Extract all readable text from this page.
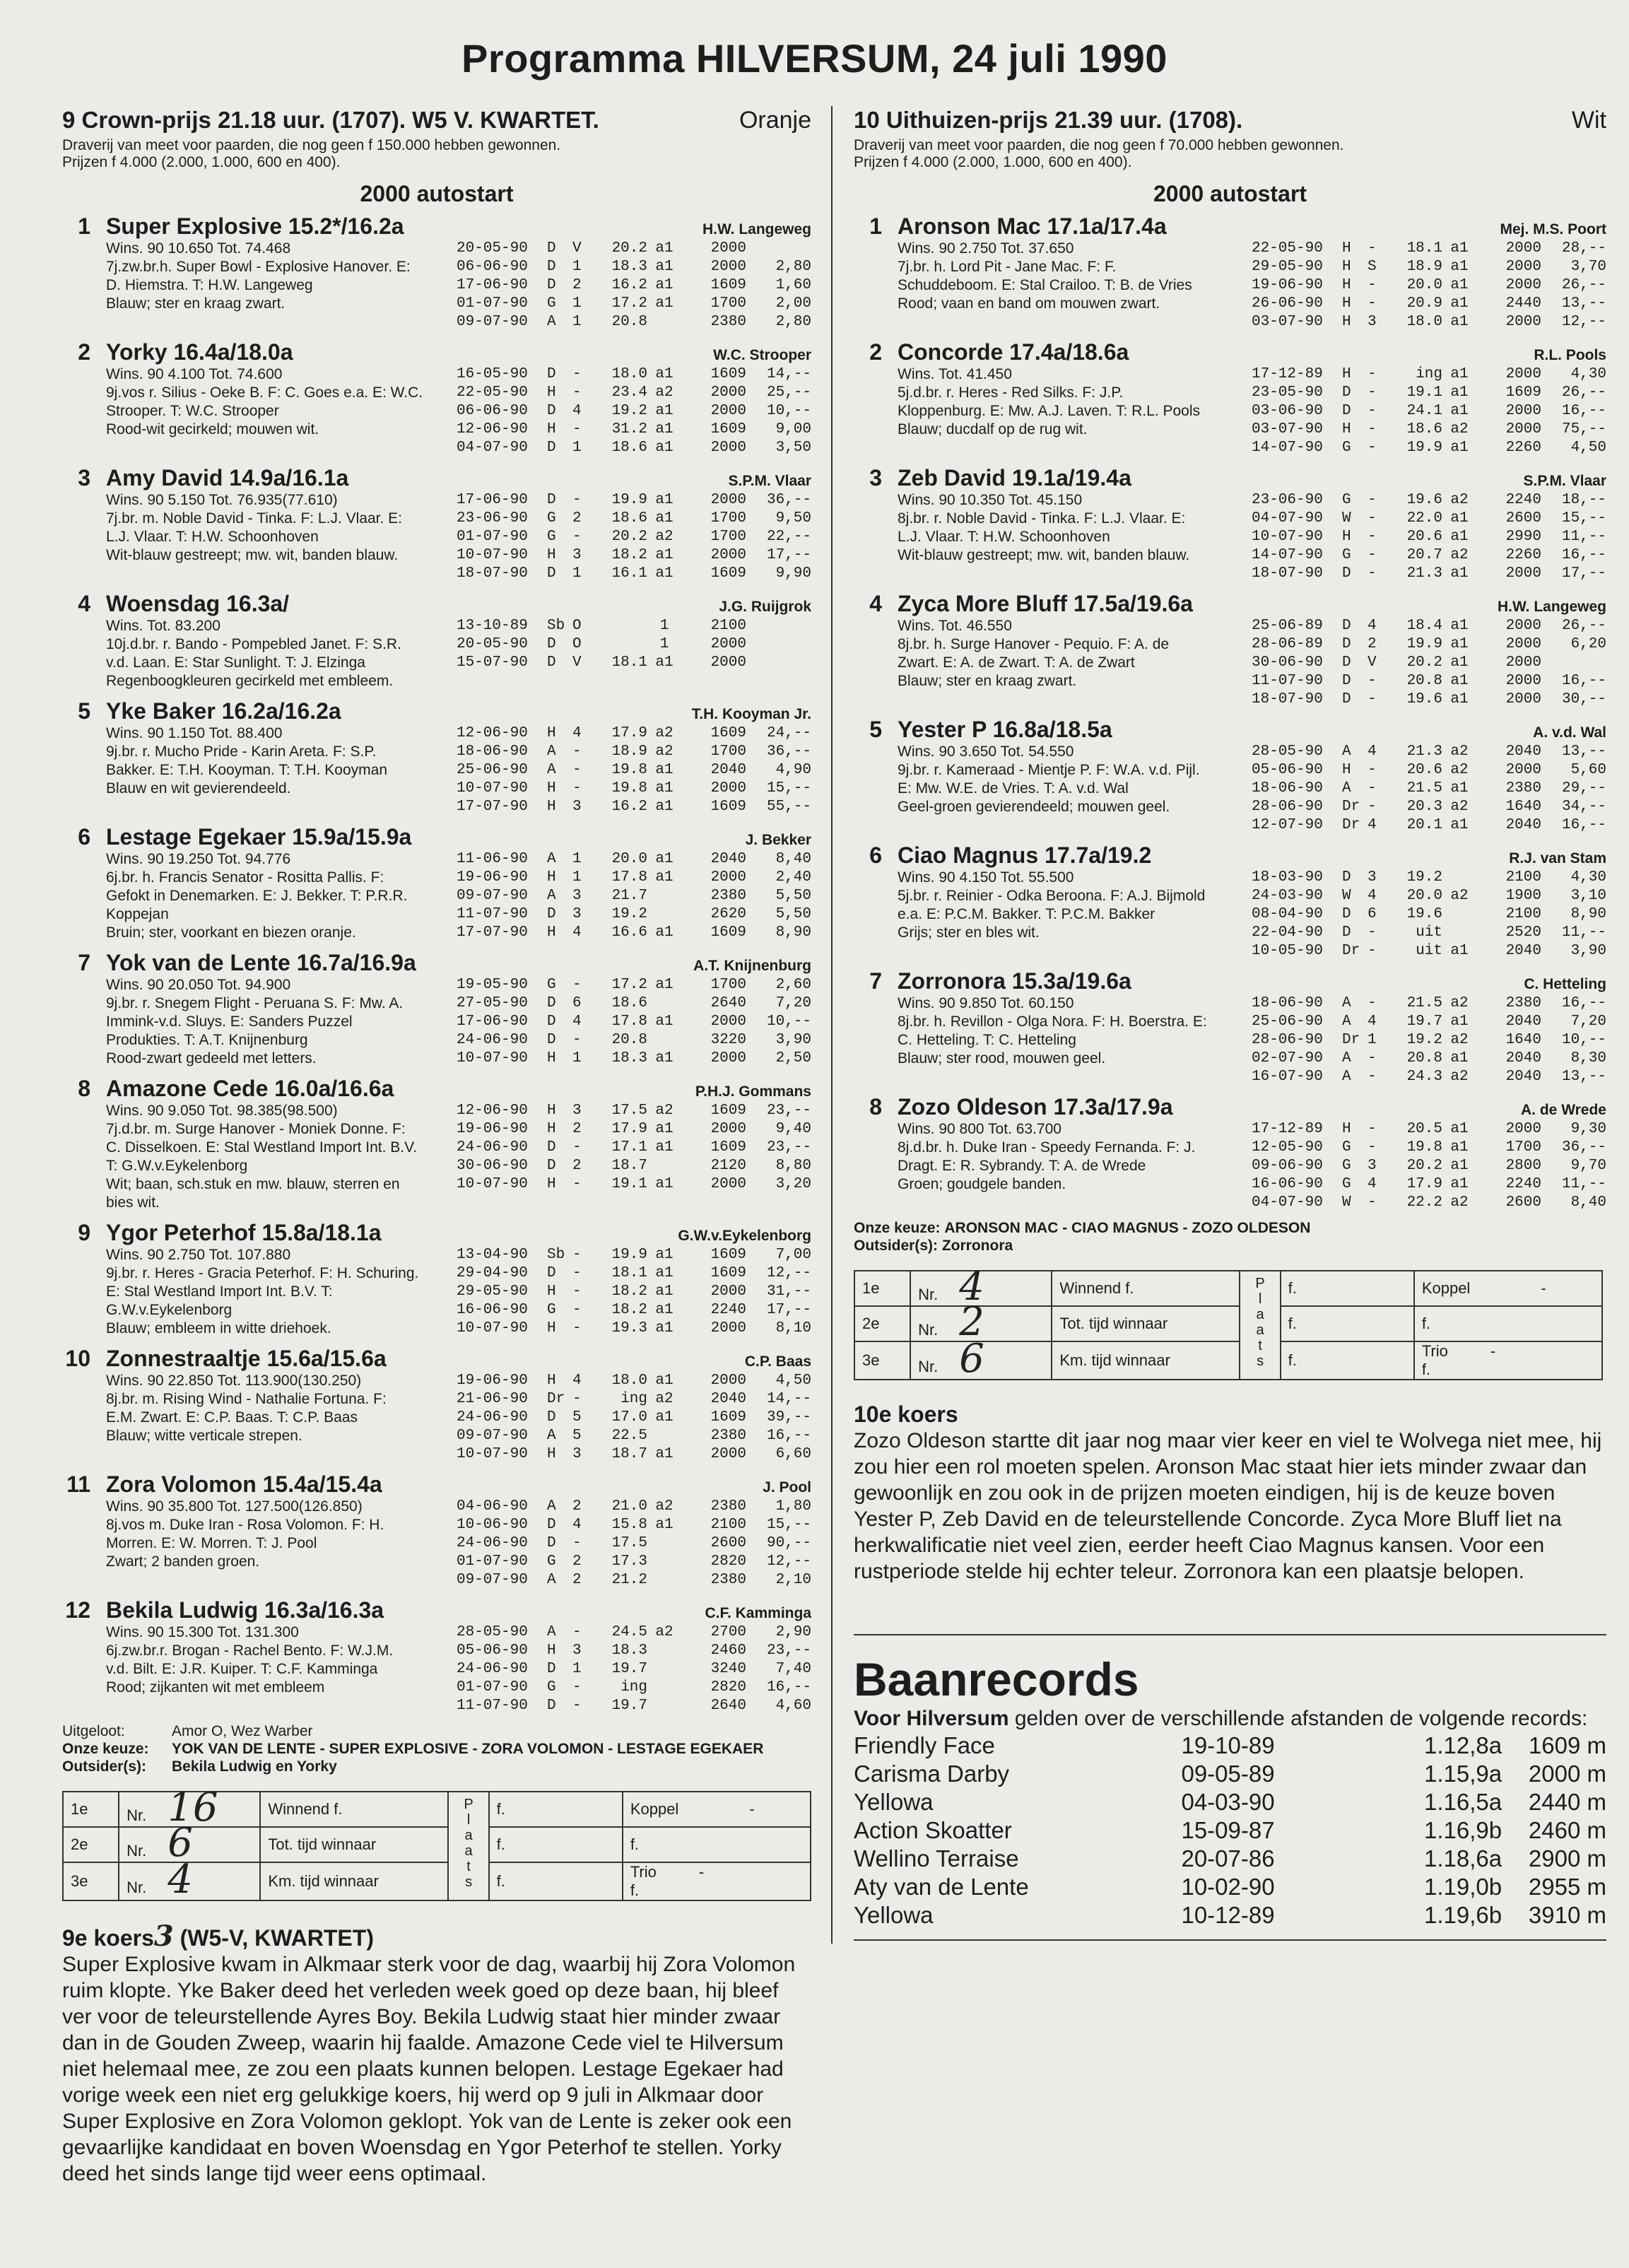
Programma HILVERSUM, 24 juli 1990
9 Crown-prijs 21.18 uur. (1707). W5 V. KWARTET.	Oranje
Draverij van meet voor paarden, die nog geen f 150.000 hebben gewonnen.
Prijzen f 4.000 (2.000, 1.000, 600 en 400).
2000 autostart
1 Super Explosive 15.2*/16.2a	H.W. Langeweg
Wins. 90 10.650 Tot. 74.468
7j.zw.br.h. Super Bowl - Explosive Hanover. E:
D. Hiemstra. T: H.W. Langeweg
Blauw; ster en kraag zwart.
20-05-90	D	V	20.2 a1	2000
06-06-90	D	1	18.3 a1	2000	2,80
17-06-90	D	2	16.2 a1	1609	1,60
01-07-90	G	1	17.2 a1	1700	2,00
09-07-90	A	1	20.8	2380	2,80
2 Yorky 16.4a/18.0a	W.C. Strooper
Wins. 90 4.100 Tot. 74.600
9j.vos r. Silius - Oeke B. F: C. Goes e.a. E: W.C.
Strooper. T: W.C. Strooper
Rood-wit gecirkeld; mouwen wit.
16-05-90	D	-	18.0 a1	1609	14,--
22-05-90	H	-	23.4 a2	2000	25,--
06-06-90	D	4	19.2 a1	2000	10,--
12-06-90	H	-	31.2 a1	1609	9,00
04-07-90	D	1	18.6 a1	2000	3,50
3 Amy David 14.9a/16.1a	S.P.M. Vlaar
Wins. 90 5.150 Tot. 76.935(77.610)
7j.br. m. Noble David - Tinka. F: L.J. Vlaar. E:
L.J. Vlaar. T: H.W. Schoonhoven
Wit-blauw gestreept; mw. wit, banden blauw.
17-06-90	D	-	19.9 a1	2000	36,--
23-06-90	G	2	18.6 a1	1700	9,50
01-07-90	G	-	20.2 a2	1700	22,--
10-07-90	H	3	18.2 a1	2000	17,--
18-07-90	D	1	16.1 a1	1609	9,90
4 Woensdag 16.3a/	J.G. Ruijgrok
Wins. Tot. 83.200
10j.d.br. r. Bando - Pompebled Janet. F: S.R.
v.d. Laan. E: Star Sunlight. T: J. Elzinga
Regenboogkleuren gecirkeld met embleem.
13-10-89	Sb O	1	2100
20-05-90	D	O	1	2000
15-07-90	D	V	18.1 a1	2000
5 Yke Baker 16.2a/16.2a	T.H. Kooyman Jr.
Wins. 90 1.150 Tot. 88.400
9j.br. r. Mucho Pride - Karin Areta. F: S.P.
Bakker. E: T.H. Kooyman. T: T.H. Kooyman
Blauw en wit gevierendeeld.
12-06-90	H	4	17.9 a2	1609	24,--
18-06-90	A	-	18.9 a2	1700	36,--
25-06-90	A	-	19.8 a1	2040	4,90
10-07-90	H	-	19.8 a1	2000	15,--
17-07-90	H	3	16.2 a1	1609	55,--
6 Lestage Egekaer 15.9a/15.9a	J. Bekker
Wins. 90 19.250 Tot. 94.776
6j.br. h. Francis Senator - Rositta Pallis. F:
Gefokt in Denemarken. E: J. Bekker. T: P.R.R.
Koppejan
Bruin; ster, voorkant en biezen oranje.
11-06-90	A	1	20.0 a1	2040	8,40
19-06-90	H	1	17.8 a1	2000	2,40
09-07-90	A	3	21.7	2380	5,50
11-07-90	D	3	19.2	2620	5,50
17-07-90	H	4	16.6 a1	1609	8,90
7 Yok van de Lente 16.7a/16.9a	A.T. Knijnenburg
Wins. 90 20.050 Tot. 94.900
9j.br. r. Snegem Flight - Peruana S. F: Mw. A.
Immink-v.d. Sluys. E: Sanders Puzzel
Produkties. T: A.T. Knijnenburg
Rood-zwart gedeeld met letters.
19-05-90	G	-	17.2 a1	1700	2,60
27-05-90	D	6	18.6	2640	7,20
17-06-90	D	4	17.8 a1	2000	10,--
24-06-90	D	-	20.8	3220	3,90
10-07-90	H	1	18.3 a1	2000	2,50
8 Amazone Cede 16.0a/16.6a	P.H.J. Gommans
Wins. 90 9.050 Tot. 98.385(98.500)
7j.d.br. m. Surge Hanover - Moniek Donne. F:
C. Disselkoen. E: Stal Westland Import Int. B.V.
T: G.W.v.Eykelenborg
Wit; baan, sch.stuk en mw. blauw, sterren en
bies wit.
12-06-90	H	3	17.5 a2	1609	23,--
19-06-90	H	2	17.9 a1	2000	9,40
24-06-90	D	-	17.1 a1	1609	23,--
30-06-90	D	2	18.7	2120	8,80
10-07-90	H	-	19.1 a1	2000	3,20
9 Ygor Peterhof 15.8a/18.1a	G.W.v.Eykelenborg
Wins. 90 2.750 Tot. 107.880
9j.br. r. Heres - Gracia Peterhof. F: H. Schuring.
E: Stal Westland Import Int. B.V. T:
G.W.v.Eykelenborg
Blauw; embleem in witte driehoek.
13-04-90	Sb -	19.9 a1	1609	7,00
29-04-90	D	-	18.1 a1	1609	12,--
29-05-90	H	-	18.2 a1	2000	31,--
16-06-90	G	-	18.2 a1	2240	17,--
10-07-90	H	-	19.3 a1	2000	8,10
10 Zonnestraaltje 15.6a/15.6a	C.P. Baas
Wins. 90 22.850 Tot. 113.900(130.250)
8j.br. m. Rising Wind - Nathalie Fortuna. F:
E.M. Zwart. E: C.P. Baas. T: C.P. Baas
Blauw; witte verticale strepen.
19-06-90	H	4	18.0 a1	2000	4,50
21-06-90	Dr -	ing a2	2040	14,--
24-06-90	D	5	17.0 a1	1609	39,--
09-07-90	A	5	22.5	2380	16,--
10-07-90	H	3	18.7 a1	2000	6,60
11 Zora Volomon 15.4a/15.4a	J. Pool
Wins. 90 35.800 Tot. 127.500(126.850)
8j.vos m. Duke Iran - Rosa Volomon. F: H.
Morren. E: W. Morren. T: J. Pool
Zwart; 2 banden groen.
04-06-90	A	2	21.0 a2	2380	1,80
10-06-90	D	4	15.8 a1	2100	15,--
24-06-90	D	-	17.5	2600	90,--
01-07-90	G	2	17.3	2820	12,--
09-07-90	A	2	21.2	2380	2,10
12 Bekila Ludwig 16.3a/16.3a	C.F. Kamminga
Wins. 90 15.300 Tot. 131.300
6j.zw.br.r. Brogan - Rachel Bento. F: W.J.M.
v.d. Bilt. E: J.R. Kuiper. T: C.F. Kamminga
Rood; zijkanten wit met embleem
28-05-90	A	-	24.5 a2	2700	2,90
05-06-90	H	3	18.3	2460	23,--
24-06-90	D	1	19.7	3240	7,40
01-07-90	G	-	ing	2820	16,--
11-07-90	D	-	19.7	2640	4,60
Uitgeloot:	Amor O, Wez Warber
Onze keuze:	YOK VAN DE LENTE - SUPER EXPLOSIVE - ZORA VOLOMON - LESTAGE EGEKAER
Outsider(s): Bekila Ludwig en Yorky
1e	Nr. 16	Winnend f.	Plaats	f.	Koppel -
2e	Nr. 6	Tot. tijd winnaar		f.	f.
3e	Nr. 4	Km. tijd winnaar		f.	Trio -
f.
9e koers3 (W5-V, KWARTET)
Super Explosive kwam in Alkmaar sterk voor de dag, waarbij hij Zora Volomon ruim klopte. Yke Baker deed het verleden week goed op deze baan, hij bleef ver voor de teleurstellende Ayres Boy. Bekila Ludwig staat hier minder zwaar dan in de Gouden Zweep, waarin hij faalde. Amazone Cede viel te Hilversum niet helemaal mee, ze zou een plaats kunnen belopen. Lestage Egekaer had vorige week een niet erg gelukkige koers, hij werd op 9 juli in Alkmaar door Super Explosive en Zora Volomon geklopt. Yok van de Lente is zeker ook een gevaarlijke kandidaat en boven Woensdag en Ygor Peterhof te stellen. Yorky deed het sinds lange tijd weer eens optimaal.
10 Uithuizen-prijs 21.39 uur. (1708).	Wit
Draverij van meet voor paarden, die nog geen f 70.000 hebben gewonnen.
Prijzen f 4.000 (2.000, 1.000, 600 en 400).
2000 autostart
1 Aronson Mac 17.1a/17.4a	Mej. M.S. Poort
Wins. 90 2.750 Tot. 37.650
7j.br. h. Lord Pit - Jane Mac. F: F.
Schuddeboom. E: Stal Crailoo. T: B. de Vries
Rood; vaan en band om mouwen zwart.
22-05-90	H	-	18.1 a1	2000	28,--
29-05-90	H	S	18.9 a1	2000	3,70
19-06-90	H	-	20.0 a1	2000	26,--
26-06-90	H	-	20.9 a1	2440	13,--
03-07-90	H	3	18.0 a1	2000	12,--
2 Concorde 17.4a/18.6a	R.L. Pools
Wins. Tot. 41.450
5j.d.br. r. Heres - Red Silks. F: J.P.
Kloppenburg. E: Mw. A.J. Laven. T: R.L. Pools
Blauw; ducdalf op de rug wit.
17-12-89	H	-	ing a1	2000	4,30
23-05-90	D	-	19.1 a1	1609	26,--
03-06-90	D	-	24.1 a1	2000	16,--
03-07-90	H	-	18.6 a2	2000	75,--
14-07-90	G	-	19.9 a1	2260	4,50
3 Zeb David 19.1a/19.4a	S.P.M. Vlaar
Wins. 90 10.350 Tot. 45.150
8j.br. r. Noble David - Tinka. F: L.J. Vlaar. E:
L.J. Vlaar. T: H.W. Schoonhoven
Wit-blauw gestreept; mw. wit, banden blauw.
23-06-90	G	-	19.6 a2	2240	18,--
04-07-90	W	-	22.0 a1	2600	15,--
10-07-90	H	-	20.6 a1	2990	11,--
14-07-90	G	-	20.7 a2	2260	16,--
18-07-90	D	-	21.3 a1	2000	17,--
4 Zyca More Bluff 17.5a/19.6a	H.W. Langeweg
Wins. Tot. 46.550
8j.br. h. Surge Hanover - Pequio. F: A. de
Zwart. E: A. de Zwart. T: A. de Zwart
Blauw; ster en kraag zwart.
25-06-89	D	4	18.4 a1	2000	26,--
28-06-89	D	2	19.9 a1	2000	6,20
30-06-90	D	V	20.2 a1	2000
11-07-90	D	-	20.8 a1	2000	16,--
18-07-90	D	-	19.6 a1	2000	30,--
5 Yester P 16.8a/18.5a	A. v.d. Wal
Wins. 90 3.650 Tot. 54.550
9j.br. r. Kameraad - Mientje P. F: W.A. v.d. Pijl.
E: Mw. W.E. de Vries. T: A. v.d. Wal
Geel-groen gevierendeeld; mouwen geel.
28-05-90	A	4	21.3 a2	2040	13,--
05-06-90	H	-	20.6 a2	2000	5,60
18-06-90	A	-	21.5 a1	2380	29,--
28-06-90	Dr -	20.3 a2	1640	34,--
12-07-90	Dr 4	20.1 a1	2040	16,--
6 Ciao Magnus 17.7a/19.2	R.J. van Stam
Wins. 90 4.150 Tot. 55.500
5j.br. r. Reinier - Odka Beroona. F: A.J. Bijmold
e.a. E: P.C.M. Bakker. T: P.C.M. Bakker
Grijs; ster en bles wit.
18-03-90	D	3	19.2	2100	4,30
24-03-90	W	4	20.0 a2	1900	3,10
08-04-90	D	6	19.6	2100	8,90
22-04-90	D	-	uit	2520	11,--
10-05-90	Dr -	uit a1	2040	3,90
7 Zorronora 15.3a/19.6a	C. Hetteling
Wins. 90 9.850 Tot. 60.150
8j.br. h. Revillon - Olga Nora. F: H. Boerstra. E:
C. Hetteling. T: C. Hetteling
Blauw; ster rood, mouwen geel.
18-06-90	A	-	21.5 a2	2380	16,--
25-06-90	A	4	19.7 a1	2040	7,20
28-06-90	Dr 1	19.2 a2	1640	10,--
02-07-90	A	-	20.8 a1	2040	8,30
16-07-90	A	-	24.3 a2	2040	13,--
8 Zozo Oldeson 17.3a/17.9a	A. de Wrede
Wins. 90 800 Tot. 63.700
8j.d.br. h. Duke Iran - Speedy Fernanda. F: J.
Dragt. E: R. Sybrandy. T: A. de Wrede
Groen; goudgele banden.
17-12-89	H	-	20.5 a1	2000	9,30
12-05-90	G	-	19.8 a1	1700	36,--
09-06-90	G	3	20.2 a1	2800	9,70
16-06-90	G	4	17.9 a1	2240	11,--
04-07-90	W	-	22.2 a2	2600	8,40
Onze keuze: ARONSON MAC - CIAO MAGNUS - ZOZO OLDESON
Outsider(s): Zorronora
1e	Nr. 4	Winnend f.	Plaats	f.	Koppel -
2e	Nr. 2	Tot. tijd winnaar		f.	f.
3e	Nr. 6	Km. tijd winnaar		f.	Trio -
f.
10e koers
Zozo Oldeson startte dit jaar nog maar vier keer en viel te Wolvega niet mee, hij zou hier een rol moeten spelen. Aronson Mac staat hier iets minder zwaar dan gewoonlijk en zou ook in de prijzen moeten eindigen, hij is de keuze boven Yester P, Zeb David en de teleurstellende Concorde. Zyca More Bluff liet na herkwalificatie niet veel zien, eerder heeft Ciao Magnus kansen. Voor een rustperiode stelde hij echter teleur. Zorronora kan een plaatsje belopen.
Baanrecords
Voor Hilversum gelden over de verschillende afstanden de volgende records:
Friendly Face	19-10-89	1.12,8a	1609 m
Carisma Darby	09-05-89	1.15,9a	2000 m
Yellowa	04-03-90	1.16,5a	2440 m
Action Skoatter	15-09-87	1.16,9b	2460 m
Wellino Terraise	20-07-86	1.18,6a	2900 m
Aty van de Lente	10-02-90	1.19,0b	2955 m
Yellowa	10-12-89	1.19,6b	3910 m
